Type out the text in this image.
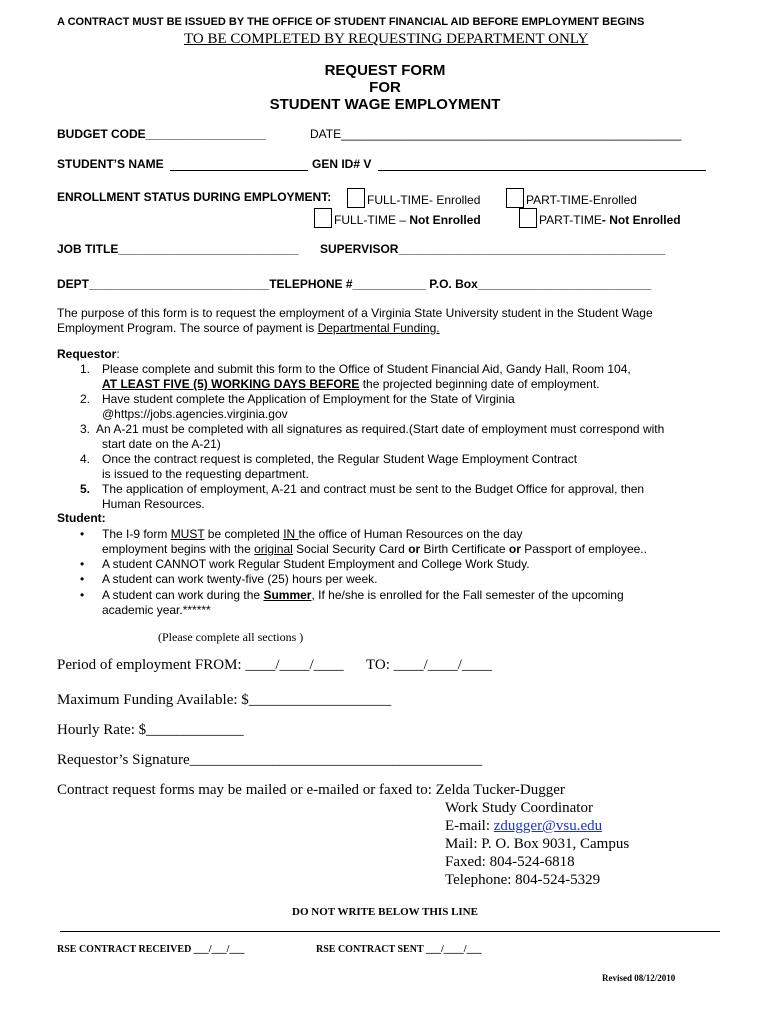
A CONTRACT MUST BE ISSUED BY THE OFFICE OF STUDENT FINANCIAL AID BEFORE EMPLOYMENT BEGINS
TO BE COMPLETED BY REQUESTING DEPARTMENT ONLY
REQUEST FORM
FOR
STUDENT WAGE EMPLOYMENT
BUDGET CODE__________________	DATE___________________________________________________
STUDENT’S NAME	GEN ID# V
ENROLLMENT STATUS DURING EMPLOYMENT:	FULL-TIME- Enrolled	PART-TIME-Enrolled
FULL-TIME – Not Enrolled	PART-TIME- Not Enrolled
JOB TITLE___________________________ SUPERVISOR________________________________________
DEPT___________________________TELEPHONE #___________ P.O. Box__________________________
The purpose of this form is to request the employment of a Virginia State University student in the Student Wage
Employment Program. The source of payment is Departmental Funding.
Requestor:
1. Please complete and submit this form to the Office of Student Financial Aid, Gandy Hall, Room 104,
AT LEAST FIVE (5) WORKING DAYS BEFORE the projected beginning date of employment.
2. Have student complete the Application of Employment for the State of Virginia
@https://jobs.agencies.virginia.gov
3. An A-21 must be completed with all signatures as required.(Start date of employment must correspond with
start date on the A-21)
4. Once the contract request is completed, the Regular Student Wage Employment Contract
is issued to the requesting department.
5. The application of employment, A-21 and contract must be sent to the Budget Office for approval, then
Human Resources.
Student:
• The I-9 form MUST be completed IN the office of Human Resources on the day
employment begins with the original Social Security Card or Birth Certificate or Passport of employee..
• A student CANNOT work Regular Student Employment and College Work Study.
• A student can work twenty-five (25) hours per week.
• A student can work during the Summer, If he/she is enrolled for the Fall semester of the upcoming
academic year.******
(Please complete all sections )
Period of employment FROM: ____/____/____ TO: ____/____/____
Maximum Funding Available: $___________________
Hourly Rate: $_____________
Requestor’s Signature_______________________________________
Contract request forms may be mailed or e-mailed or faxed to: Zelda Tucker-Dugger
Work Study Coordinator
E-mail: zdugger@vsu.edu
Mail: P. O. Box 9031, Campus
Faxed: 804-524-6818
Telephone: 804-524-5329
DO NOT WRITE BELOW THIS LINE
RSE CONTRACT RECEIVED ___/___/___	RSE CONTRACT SENT ___/____/___
Revised 08/12/2010
